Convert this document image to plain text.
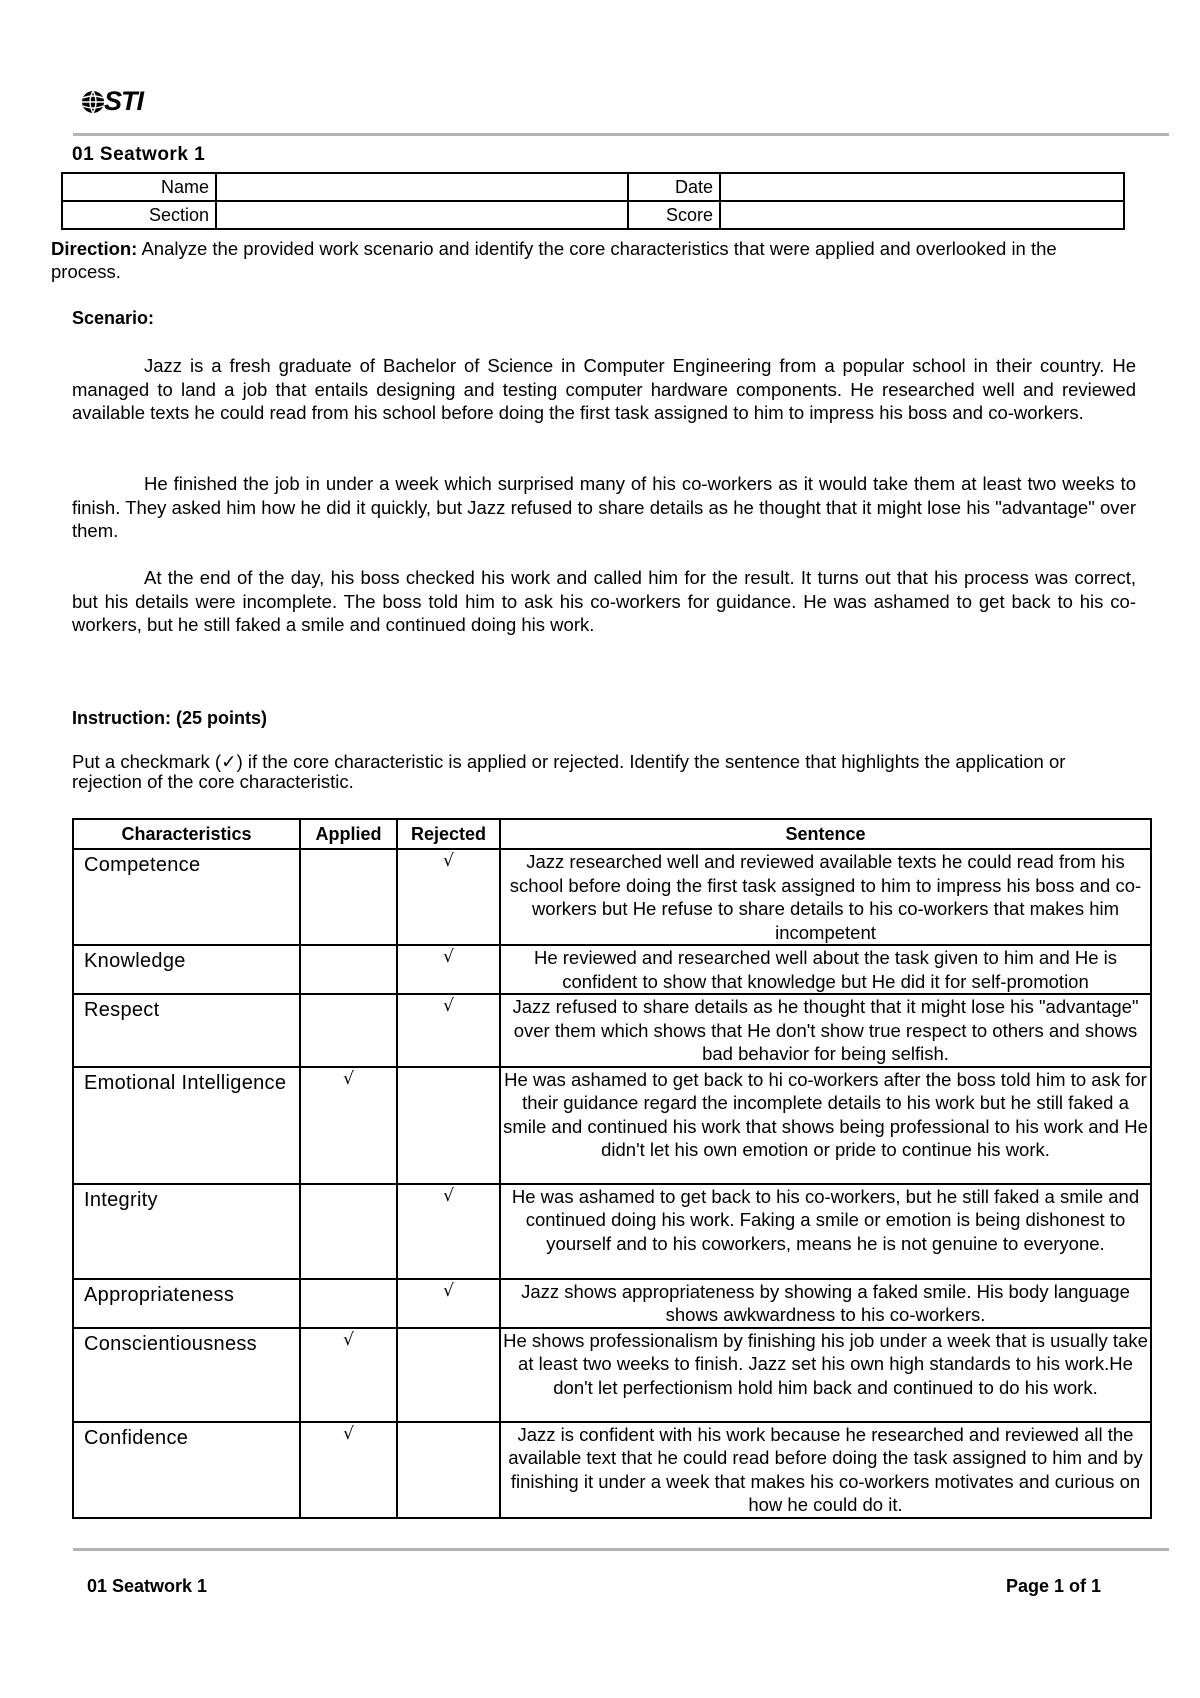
STI
01 Seatwork 1
Name		Date	
Section		Score	
Direction: Analyze the provided work scenario and identify the core characteristics that were applied and overlooked in the process.
Scenario:
Jazz is a fresh graduate of Bachelor of Science in Computer Engineering from a popular school in their country. He managed to land a job that entails designing and testing computer hardware components. He researched well and reviewed available texts he could read from his school before doing the first task assigned to him to impress his boss and co-workers.
He finished the job in under a week which surprised many of his co-workers as it would take them at least two weeks to finish. They asked him how he did it quickly, but Jazz refused to share details as he thought that it might lose his "advantage" over them.
At the end of the day, his boss checked his work and called him for the result. It turns out that his process was correct, but his details were incomplete. The boss told him to ask his co-workers for guidance. He was ashamed to get back to his co-workers, but he still faked a smile and continued doing his work.
Instruction: (25 points)
Put a checkmark (✓) if the core characteristic is applied or rejected. Identify the sentence that highlights the application or rejection of the core characteristic.
Characteristics	Applied	Rejected	Sentence
Competence		√	Jazz researched well and reviewed available texts he could read from his school before doing the first task assigned to him to impress his boss and co-workers but He refuse to share details to his co-workers that makes him incompetent
Knowledge		√	He reviewed and researched well about the task given to him and He is confident to show that knowledge but He did it for self-promotion
Respect		√	Jazz refused to share details as he thought that it might lose his "advantage" over them which shows that He don't show true respect to others and shows bad behavior for being selfish.
Emotional Intelligence	√		He was ashamed to get back to hi co-workers after the boss told him to ask for their guidance regard the incomplete details to his work but he still faked a smile and continued his work that shows being professional to his work and He didn't let his own emotion or pride to continue his work.
Integrity		√	He was ashamed to get back to his co-workers, but he still faked a smile and continued doing his work. Faking a smile or emotion is being dishonest to yourself and to his coworkers, means he is not genuine to everyone.
Appropriateness		√	Jazz shows appropriateness by showing a faked smile. His body language shows awkwardness to his co-workers.
Conscientiousness	√		He shows professionalism by finishing his job under a week that is usually take at least two weeks to finish. Jazz set his own high standards to his work.He don't let perfectionism hold him back and continued to do his work.
Confidence	√		Jazz is confident with his work because he researched and reviewed all the available text that he could read before doing the task assigned to him and by finishing it under a week that makes his co-workers motivates and curious on how he could do it.
01 Seatwork 1	Page 1 of 1
